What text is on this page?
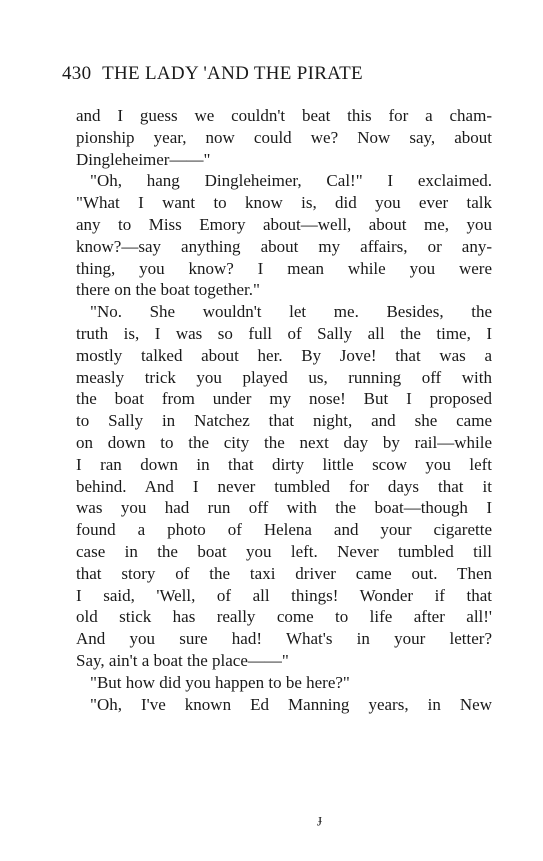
430 THE LADY 'AND THE PIRATE
and I guess we couldn't beat this for a cham-
pionship year, now could we? Now say, about
Dingleheimer——"
"Oh, hang Dingleheimer, Cal!" I exclaimed.
"What I want to know is, did you ever talk
any to Miss Emory about—well, about me, you
know?—say anything about my affairs, or any-
thing, you know? I mean while you were
there on the boat together."
"No. She wouldn't let me. Besides, the
truth is, I was so full of Sally all the time, I
mostly talked about her. By Jove! that was a
measly trick you played us, running off with
the boat from under my nose! But I proposed
to Sally in Natchez that night, and she came
on down to the city the next day by rail—while
I ran down in that dirty little scow you left
behind. And I never tumbled for days that it
was you had run off with the boat—though I
found a photo of Helena and your cigarette
case in the boat you left. Never tumbled till
that story of the taxi driver came out. Then
I said, 'Well, of all things! Wonder if that
old stick has really come to life after all!'
And you sure had! What's in your letter?
Say, ain't a boat the place——"
"But how did you happen to be here?"
"Oh, I've known Ed Manning years, in New
ɟ
